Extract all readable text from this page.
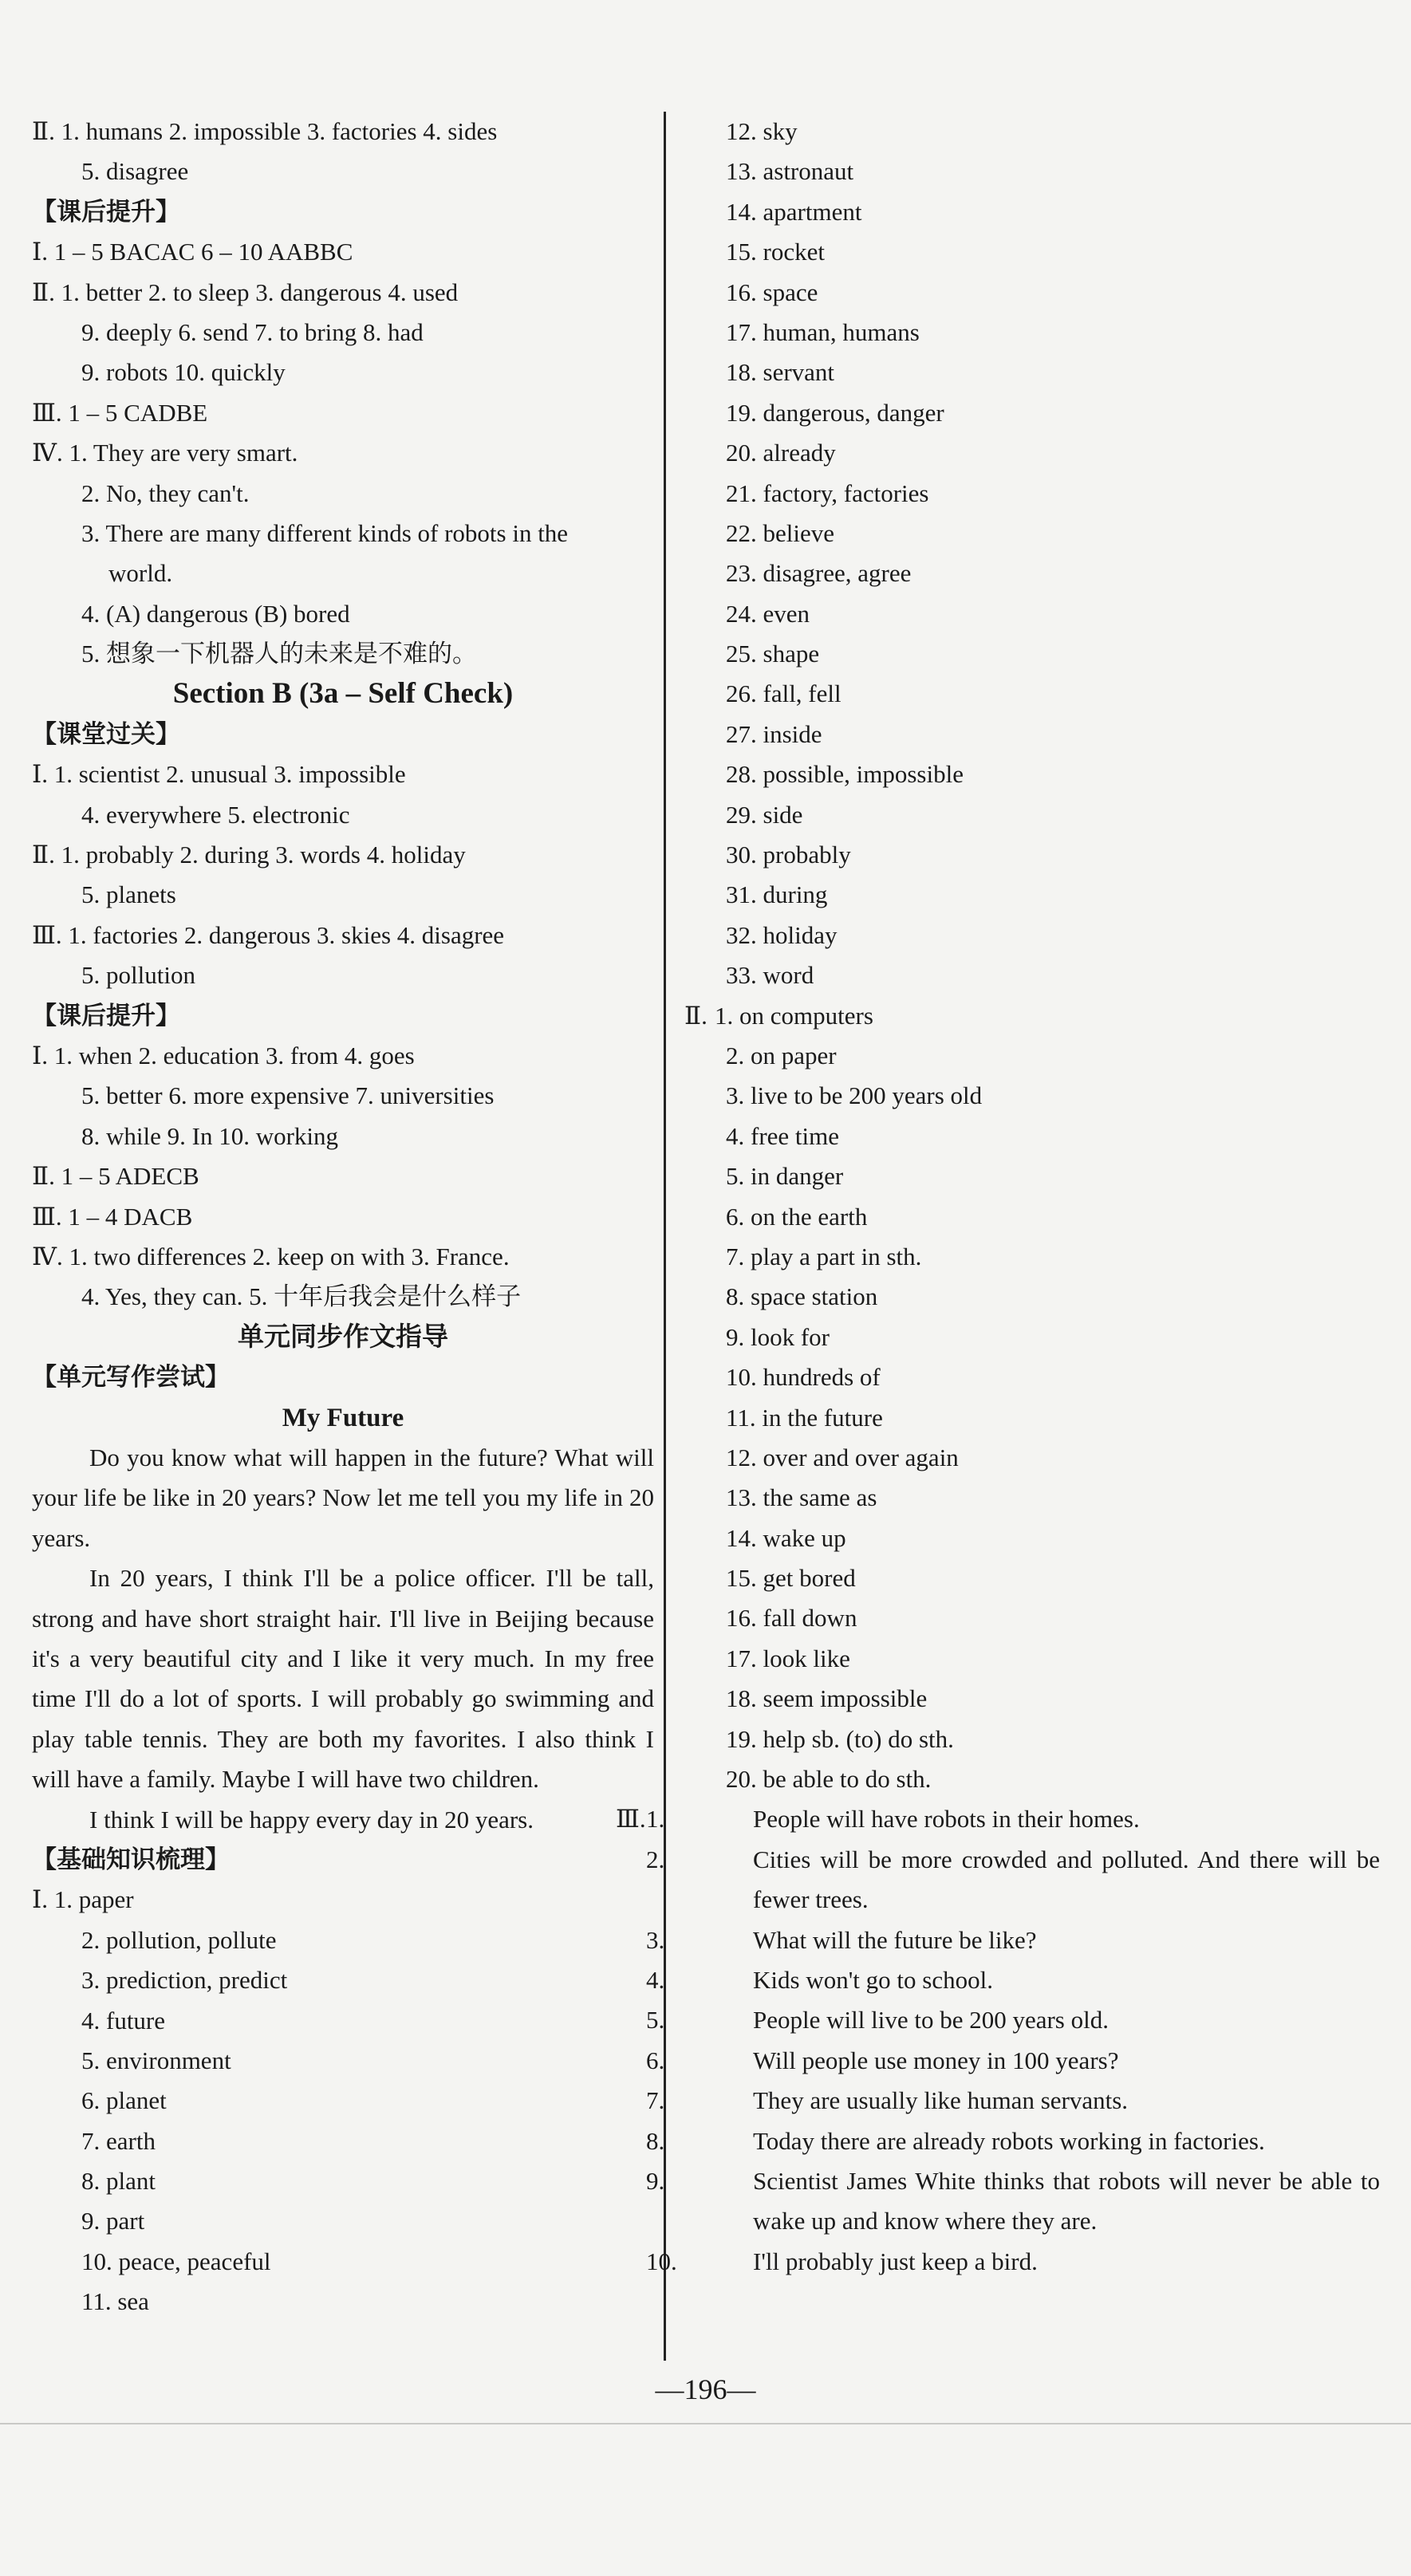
Ⅱ. 1. humans 2. impossible 3. factories 4. sides
5. disagree
【课后提升】
Ⅰ. 1 – 5 BACAC 6 – 10 AABBC
Ⅱ. 1. better 2. to sleep 3. dangerous 4. used
9. deeply 6. send 7. to bring 8. had
9. robots 10. quickly
Ⅲ. 1 – 5 CADBE
Ⅳ. 1. They are very smart.
2. No, they can't.
3. There are many different kinds of robots in the
world.
4. (A) dangerous (B) bored
5. 想象一下机器人的未来是不难的。
Section B (3a – Self Check)
【课堂过关】
Ⅰ. 1. scientist 2. unusual 3. impossible
4. everywhere 5. electronic
Ⅱ. 1. probably 2. during 3. words 4. holiday
5. planets
Ⅲ. 1. factories 2. dangerous 3. skies 4. disagree
5. pollution
【课后提升】
Ⅰ. 1. when 2. education 3. from 4. goes
5. better 6. more expensive 7. universities
8. while 9. In 10. working
Ⅱ. 1 – 5 ADECB
Ⅲ. 1 – 4 DACB
Ⅳ. 1. two differences 2. keep on with 3. France.
4. Yes, they can. 5. 十年后我会是什么样子
单元同步作文指导
【单元写作尝试】
My Future

Do you know what will happen in the future? What will your life be like in 20 years? Now let me tell you my life in 20 years.

In 20 years, I think I'll be a police officer. I'll be tall, strong and have short straight hair. I'll live in Beijing because it's a very beautiful city and I like it very much. In my free time I'll do a lot of sports. I will probably go swimming and play table tennis. They are both my favorites. I also think I will have a family. Maybe I will have two children.

I think I will be happy every day in 20 years.

【基础知识梳理】
Ⅰ. 1. paper
2. pollution, pollute
3. prediction, predict
4. future
5. environment
6. planet
7. earth
8. plant
9. part
10. peace, peaceful
11. sea
12. sky
13. astronaut
14. apartment
15. rocket
16. space
17. human, humans
18. servant
19. dangerous, danger
20. already
21. factory, factories
22. believe
23. disagree, agree
24. even
25. shape
26. fall, fell
27. inside
28. possible, impossible
29. side
30. probably
31. during
32. holiday
33. word
Ⅱ. 1. on computers
2. on paper
3. live to be 200 years old
4. free time
5. in danger
6. on the earth
7. play a part in sth.
8. space station
9. look for
10. hundreds of
11. in the future
12. over and over again
13. the same as
14. wake up
15. get bored
16. fall down
17. look like
18. seem impossible
19. help sb. (to) do sth.
20. be able to do sth.
Ⅲ.1.	People will have robots in their homes.
2.	Cities will be more crowded and polluted. And there will be fewer trees.
3.	What will the future be like?
4.	Kids won't go to school.
5.	People will live to be 200 years old.
6.	Will people use money in 100 years?
7.	They are usually like human servants.
8.	Today there are already robots working in factories.
9.	Scientist James White thinks that robots will never be able to wake up and know where they are.
10.	I'll probably just keep a bird.
—196—
